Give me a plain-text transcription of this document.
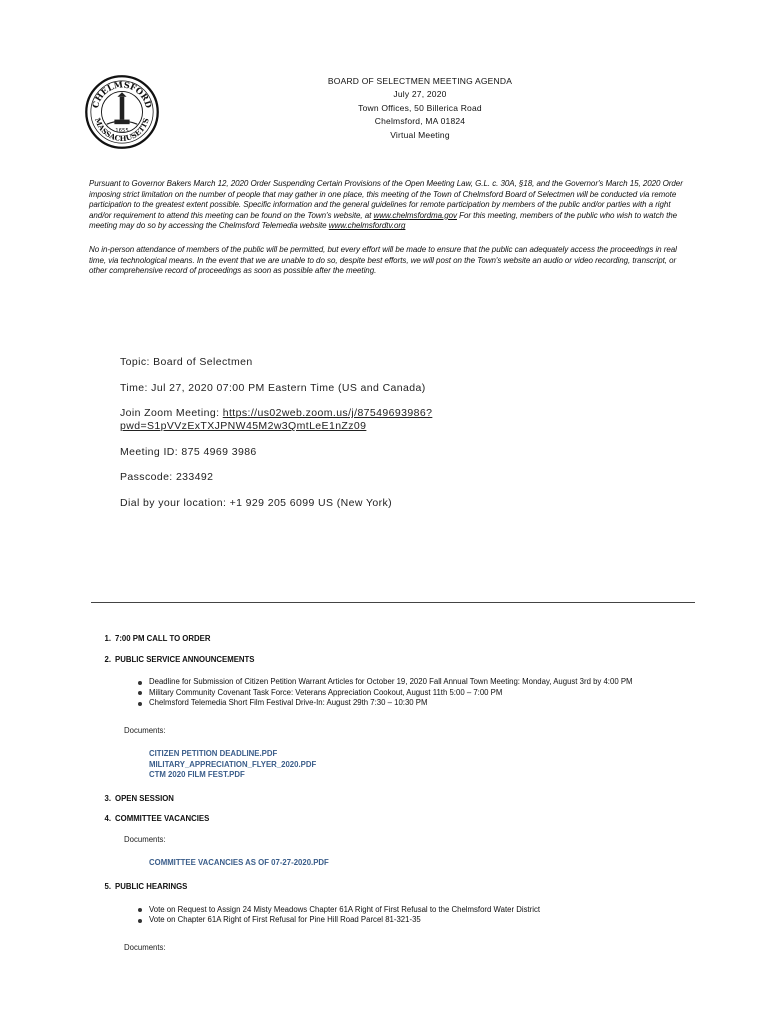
CHELMSFORD
MASSACHUSETTS
1655
BOARD OF SELECTMEN MEETING AGENDA
July 27, 2020
Town Offices, 50 Billerica Road
Chelmsford, MA 01824
Virtual Meeting
Pursuant to Governor Bakers March 12, 2020 Order Suspending Certain Provisions of the Open Meeting Law, G.L. c. 30A, §18, and the Governor's March 15, 2020 Order imposing strict limitation on the number of people that may gather in one place, this meeting of the Town of Chelmsford Board of Selectmen will be conducted via remote participation to the greatest extent possible. Specific information and the general guidelines for remote participation by members of the public and/or parties with a right and/or requirement to attend this meeting can be found on the Town's website, at www.chelmsfordma.gov For this meeting, members of the public who wish to watch the meeting may do so by accessing the Chelmsford Telemedia website www.chelmsfordtv.org
No in-person attendance of members of the public will be permitted, but every effort will be made to ensure that the public can adequately access the proceedings in real time, via technological means. In the event that we are unable to do so, despite best efforts, we will post on the Town's website an audio or video recording, transcript, or other comprehensive record of proceedings as soon as possible after the meeting.
Topic: Board of Selectmen
Time: Jul 27, 2020 07:00 PM Eastern Time (US and Canada)
Join Zoom Meeting: https://us02web.zoom.us/j/87549693986?
pwd=S1pVVzExTXJPNW45M2w3QmtLeE1nZz09
Meeting ID: 875 4969 3986
Passcode: 233492
Dial by your location: +1 929 205 6099 US (New York)
1. 7:00 PM CALL TO ORDER
2. PUBLIC SERVICE ANNOUNCEMENTS
Deadline for Submission of Citizen Petition Warrant Articles for October 19, 2020 Fall Annual Town Meeting: Monday, August 3rd by 4:00 PM
Military Community Covenant Task Force: Veterans Appreciation Cookout, August 11th 5:00 – 7:00 PM
Chelmsford Telemedia Short Film Festival Drive-In: August 29th 7:30 – 10:30 PM
Documents:
CITIZEN PETITION DEADLINE.PDF
MILITARY_APPRECIATION_FLYER_2020.PDF
CTM 2020 FILM FEST.PDF
3. OPEN SESSION
4. COMMITTEE VACANCIES
Documents:
COMMITTEE VACANCIES AS OF 07-27-2020.PDF
5. PUBLIC HEARINGS
Vote on Request to Assign 24 Misty Meadows Chapter 61A Right of First Refusal to the Chelmsford Water District
Vote on Chapter 61A Right of First Refusal for Pine Hill Road Parcel 81-321-35
Documents:
